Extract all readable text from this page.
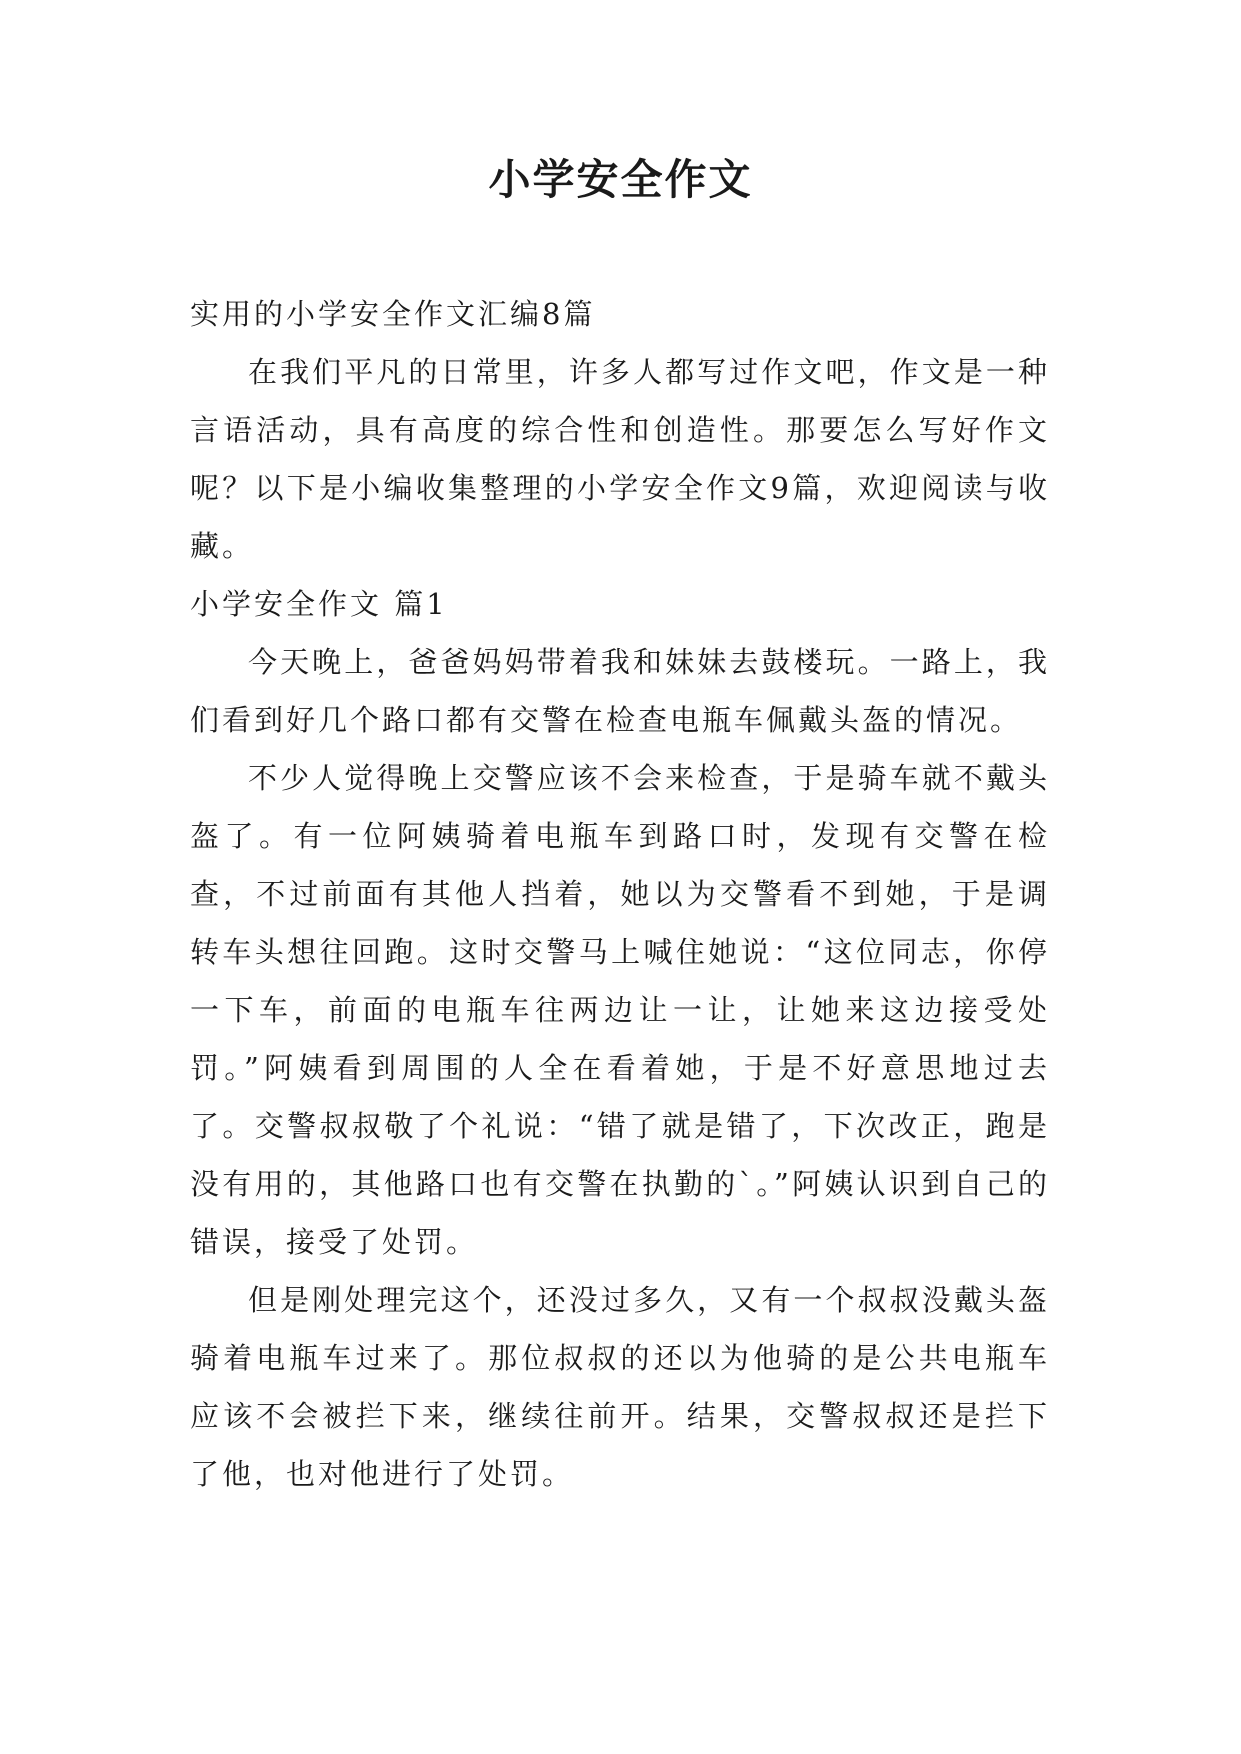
小学安全作文

实用的小学安全作文汇编8篇

在我们平凡的日常里，许多人都写过作文吧，作文是一种言语活动，具有高度的综合性和创造性。那要怎么写好作文呢？以下是小编收集整理的小学安全作文9篇，欢迎阅读与收藏。

小学安全作文 篇1

今天晚上，爸爸妈妈带着我和妹妹去鼓楼玩。一路上，我们看到好几个路口都有交警在检查电瓶车佩戴头盔的情况。

不少人觉得晚上交警应该不会来检查，于是骑车就不戴头盔了。有一位阿姨骑着电瓶车到路口时，发现有交警在检查，不过前面有其他人挡着，她以为交警看不到她，于是调转车头想往回跑。这时交警马上喊住她说：“这位同志，你停一下车，前面的电瓶车往两边让一让，让她来这边接受处罚。”阿姨看到周围的人全在看着她，于是不好意思地过去了。交警叔叔敬了个礼说：“错了就是错了，下次改正，跑是没有用的，其他路口也有交警在执勤的`。”阿姨认识到自己的错误，接受了处罚。

但是刚处理完这个，还没过多久，又有一个叔叔没戴头盔骑着电瓶车过来了。那位叔叔的还以为他骑的是公共电瓶车应该不会被拦下来，继续往前开。结果，交警叔叔还是拦下了他，也对他进行了处罚。
